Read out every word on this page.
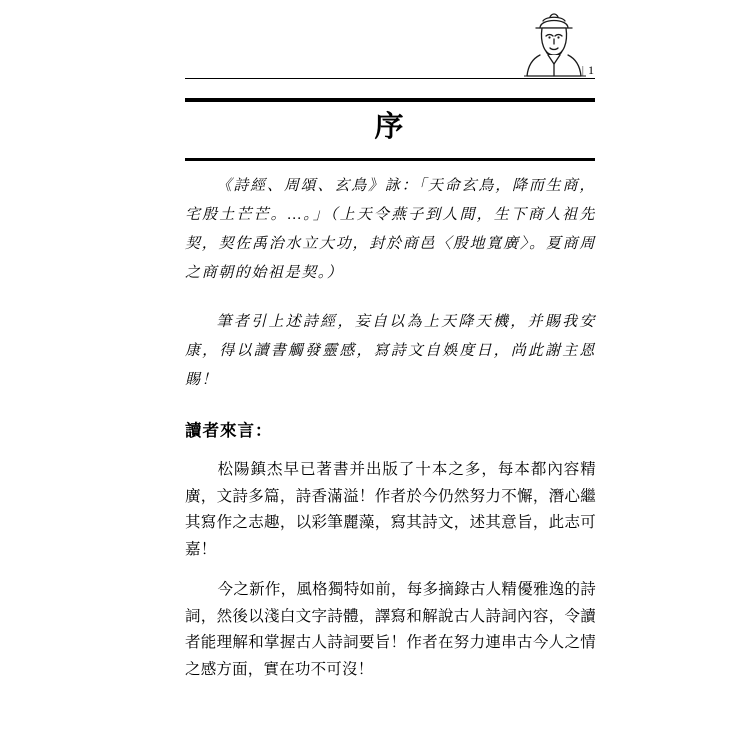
| 1
序

《詩經、周頌、玄鳥》詠：「天命玄鳥，降而生商，宅殷土芒芒。…。」（上天令燕子到人間，生下商人祖先契，契佐禹治水立大功，封於商邑〈殷地寬廣〉。夏商周之商朝的始祖是契。）

筆者引上述詩經，妄自以為上天降天機，并賜我安康，得以讀書觸發靈感，寫詩文自娛度日，尚此謝主恩賜！

讀者來言：

松陽鎮杰早已著書并出版了十本之多，每本都內容精廣，文詩多篇，詩香滿溢！作者於今仍然努力不懈，潛心繼其寫作之志趣，以彩筆麗藻，寫其詩文，述其意旨，此志可嘉！

今之新作，風格獨特如前，每多摘錄古人精優雅逸的詩詞，然後以淺白文字詩體，譯寫和解說古人詩詞內容，令讀者能理解和掌握古人詩詞要旨！作者在努力連串古今人之情之感方面，實在功不可沒！
